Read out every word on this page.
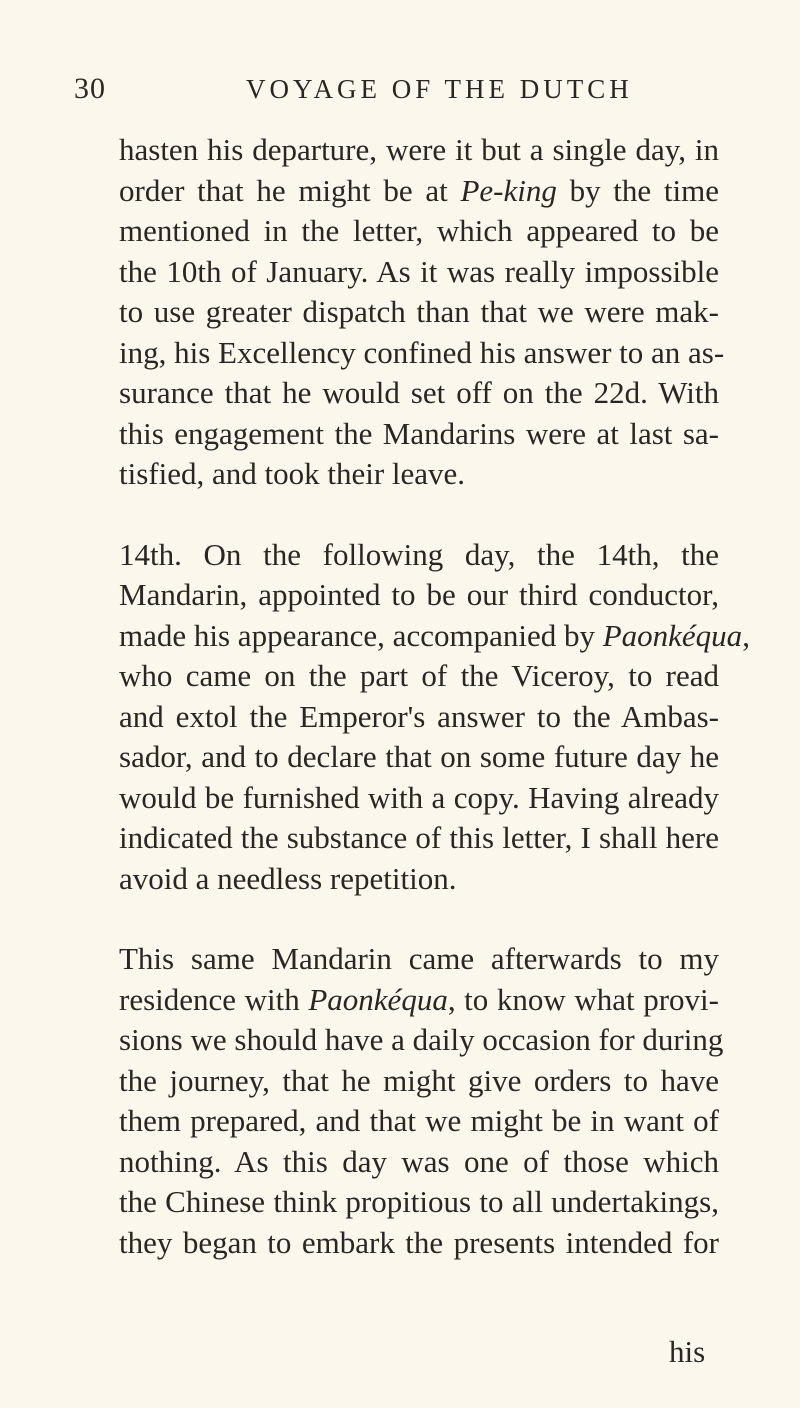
30	VOYAGE OF THE DUTCH
hasten his departure, were it but a single day, in
order that he might be at Pe-king by the time
mentioned in the letter, which appeared to be
the 10th of January. As it was really impossible
to use greater dispatch than that we were mak-
ing, his Excellency confined his answer to an as-
surance that he would set off on the 22d. With
this engagement the Mandarins were at last sa-
tisfied, and took their leave.
14th. On the following day, the 14th, the
Mandarin, appointed to be our third conductor,
made his appearance, accompanied by Paonkéqua,
who came on the part of the Viceroy, to read
and extol the Emperor's answer to the Ambas-
sador, and to declare that on some future day he
would be furnished with a copy. Having already
indicated the substance of this letter, I shall here
avoid a needless repetition.
This same Mandarin came afterwards to my
residence with Paonkéqua, to know what provi-
sions we should have a daily occasion for during
the journey, that he might give orders to have
them prepared, and that we might be in want of
nothing. As this day was one of those which
the Chinese think propitious to all undertakings,
they began to embark the presents intended for
his
